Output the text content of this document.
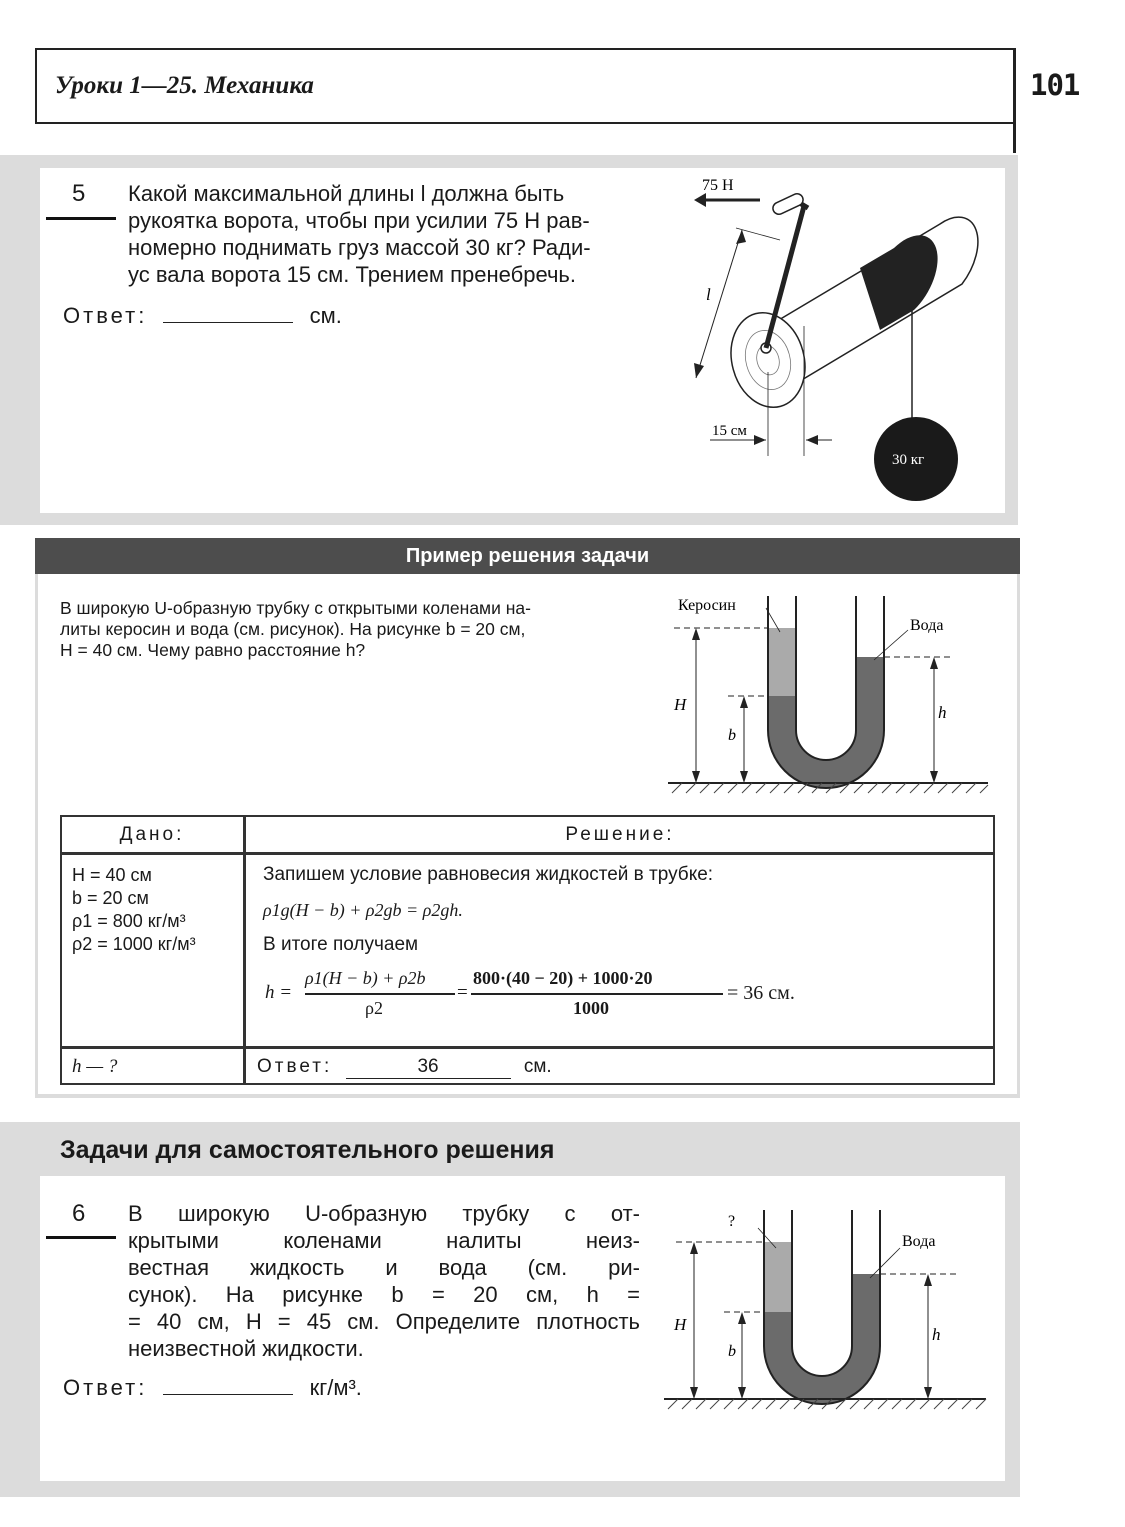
Уроки 1—25. Механика	101
5 Какой максимальной длины l должна быть
рукоятка ворота, чтобы при усилии 75 Н рав-
номерно поднимать груз массой 30 кг? Ради-
ус вала ворота 15 см. Трением пренебречь.
Ответ:	см.
75 Н
l
30 кг
15 см
Пример решения задачи
В широкую U-образную трубку с открытыми коленами на-
литы керосин и вода (см. рисунок). На рисунке b = 20 см,
H = 40 см. Чему равно расстояние h?
Керосин
Вода
H
b
h
Дано:	Решение:
H = 40 см
b = 20 см
ρ1 = 800 кг/м³
ρ2 = 1000 кг/м³
Запишем условие равновесия жидкостей в трубке:
ρ1g(H − b) + ρ2gb = ρ2gh.
В итоге получаем
h =
ρ1(H − b) + ρ2b
ρ2
=
800·(40 − 20) + 1000·20
1000
= 36 см.
h — ?	Ответ:	36	см.
Задачи для самостоятельного решения
6 В широкую U-образную трубку с от-
крытыми коленами налиты неиз-
вестная жидкость и вода (см. ри-
сунок). На рисунке b = 20 см, h =
= 40 см, H = 45 см. Определите плотность
неизвестной жидкости.
Ответ:	кг/м³.
?
Вода
H
b
h
